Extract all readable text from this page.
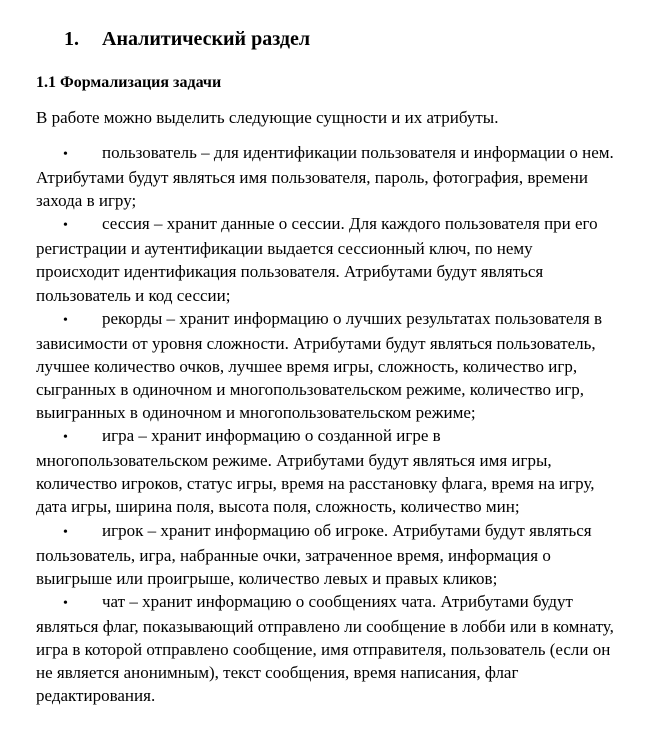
1. Аналитический раздел
1.1 Формализация задачи
В работе можно выделить следующие сущности и их атрибуты.
• пользователь – для идентификации пользователя и информации о нем. Атрибутами будут являться имя пользователя, пароль, фотография, времени захода в игру;
• сессия – хранит данные о сессии. Для каждого пользователя при его регистрации и аутентификации выдается сессионный ключ, по нему происходит идентификация пользователя. Атрибутами будут являться пользователь и код сессии;
• рекорды – хранит информацию о лучших результатах пользователя в зависимости от уровня сложности. Атрибутами будут являться пользователь, лучшее количество очков, лучшее время игры, сложность, количество игр, сыгранных в одиночном и многопользовательском режиме, количество игр, выигранных в одиночном и многопользовательском режиме;
• игра – хранит информацию о созданной игре в многопользовательском режиме. Атрибутами будут являться имя игры, количество игроков, статус игры, время на расстановку флага, время на игру, дата игры, ширина поля, высота поля, сложность, количество мин;
• игрок – хранит информацию об игроке. Атрибутами будут являться пользователь, игра, набранные очки, затраченное время, информация о выигрыше или проигрыше, количество левых и правых кликов;
• чат – хранит информацию о сообщениях чата. Атрибутами будут являться флаг, показывающий отправлено ли сообщение в лобби или в комнату, игра в которой отправлено сообщение, имя отправителя, пользователь (если он не является анонимным), текст сообщения, время написания, флаг редактирования.
